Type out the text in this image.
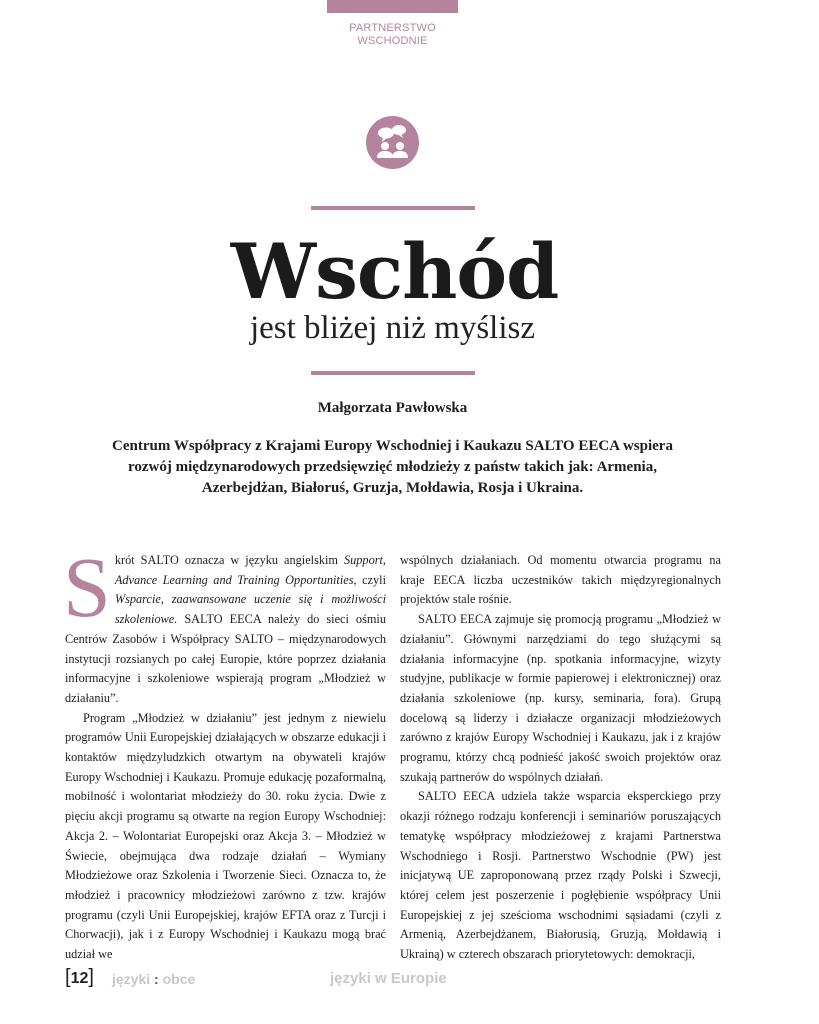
PARTNERSTWO
WSCHODNIE
Wschód
jest bliżej niż myślisz
Małgorzata Pawłowska
Centrum Współpracy z Krajami Europy Wschodniej i Kaukazu SALTO EECA wspiera rozwój międzynarodowych przedsięwzięć młodzieży z państw takich jak: Armenia, Azerbejdżan, Białoruś, Gruzja, Mołdawia, Rosja i Ukraina.

Skrót SALTO oznacza w języku angielskim Support, Advance Learning and Training Opportunities, czyli Wsparcie, zaawansowane uczenie się i możliwości szkoleniowe. SALTO EECA należy do sieci ośmiu Centrów Zasobów i Współpracy SALTO – międzynarodowych instytucji rozsianych po całej Europie, które poprzez działania informacyjne i szkoleniowe wspierają program „Młodzież w działaniu”.

Program „Młodzież w działaniu” jest jednym z niewielu programów Unii Europejskiej działających w obszarze edukacji i kontaktów międzyludzkich otwartym na obywateli krajów Europy Wschodniej i Kaukazu. Promuje edukację pozaformalną, mobilność i wolontariat młodzieży do 30. roku życia. Dwie z pięciu akcji programu są otwarte na region Europy Wschodniej: Akcja 2. – Wolontariat Europejski oraz Akcja 3. – Młodzież w Świecie, obejmująca dwa rodzaje działań – Wymiany Młodzieżowe oraz Szkolenia i Tworzenie Sieci. Oznacza to, że młodzież i pracownicy młodzieżowi zarówno z tzw. krajów programu (czyli Unii Europejskiej, krajów EFTA oraz z Turcji i Chorwacji), jak i z Europy Wschodniej i Kaukazu mogą brać udział we

wspólnych działaniach. Od momentu otwarcia programu na kraje EECA liczba uczestników takich międzyregionalnych projektów stale rośnie.

SALTO EECA zajmuje się promocją programu „Młodzież w działaniu”. Głównymi narzędziami do tego służącymi są działania informacyjne (np. spotkania informacyjne, wizyty studyjne, publikacje w formie papierowej i elektronicznej) oraz działania szkoleniowe (np. kursy, seminaria, fora). Grupą docelową są liderzy i działacze organizacji młodzieżowych zarówno z krajów Europy Wschodniej i Kaukazu, jak i z krajów programu, którzy chcą podnieść jakość swoich projektów oraz szukają partnerów do wspólnych działań.

SALTO EECA udziela także wsparcia eksperckiego przy okazji różnego rodzaju konferencji i seminariów poruszających tematykę współpracy młodzieżowej z krajami Partnerstwa Wschodniego i Rosji. Partnerstwo Wschodnie (PW) jest inicjatywą UE zaproponowaną przez rządy Polski i Szwecji, której celem jest poszerzenie i pogłębienie współpracy Unii Europejskiej z jej sześcioma wschodnimi sąsiadami (czyli z Armenią, Azerbejdżanem, Białorusią, Gruzją, Mołdawią i Ukrainą) w czterech obszarach priorytetowych: demokracji,

[12] języki : obce	języki w Europie
